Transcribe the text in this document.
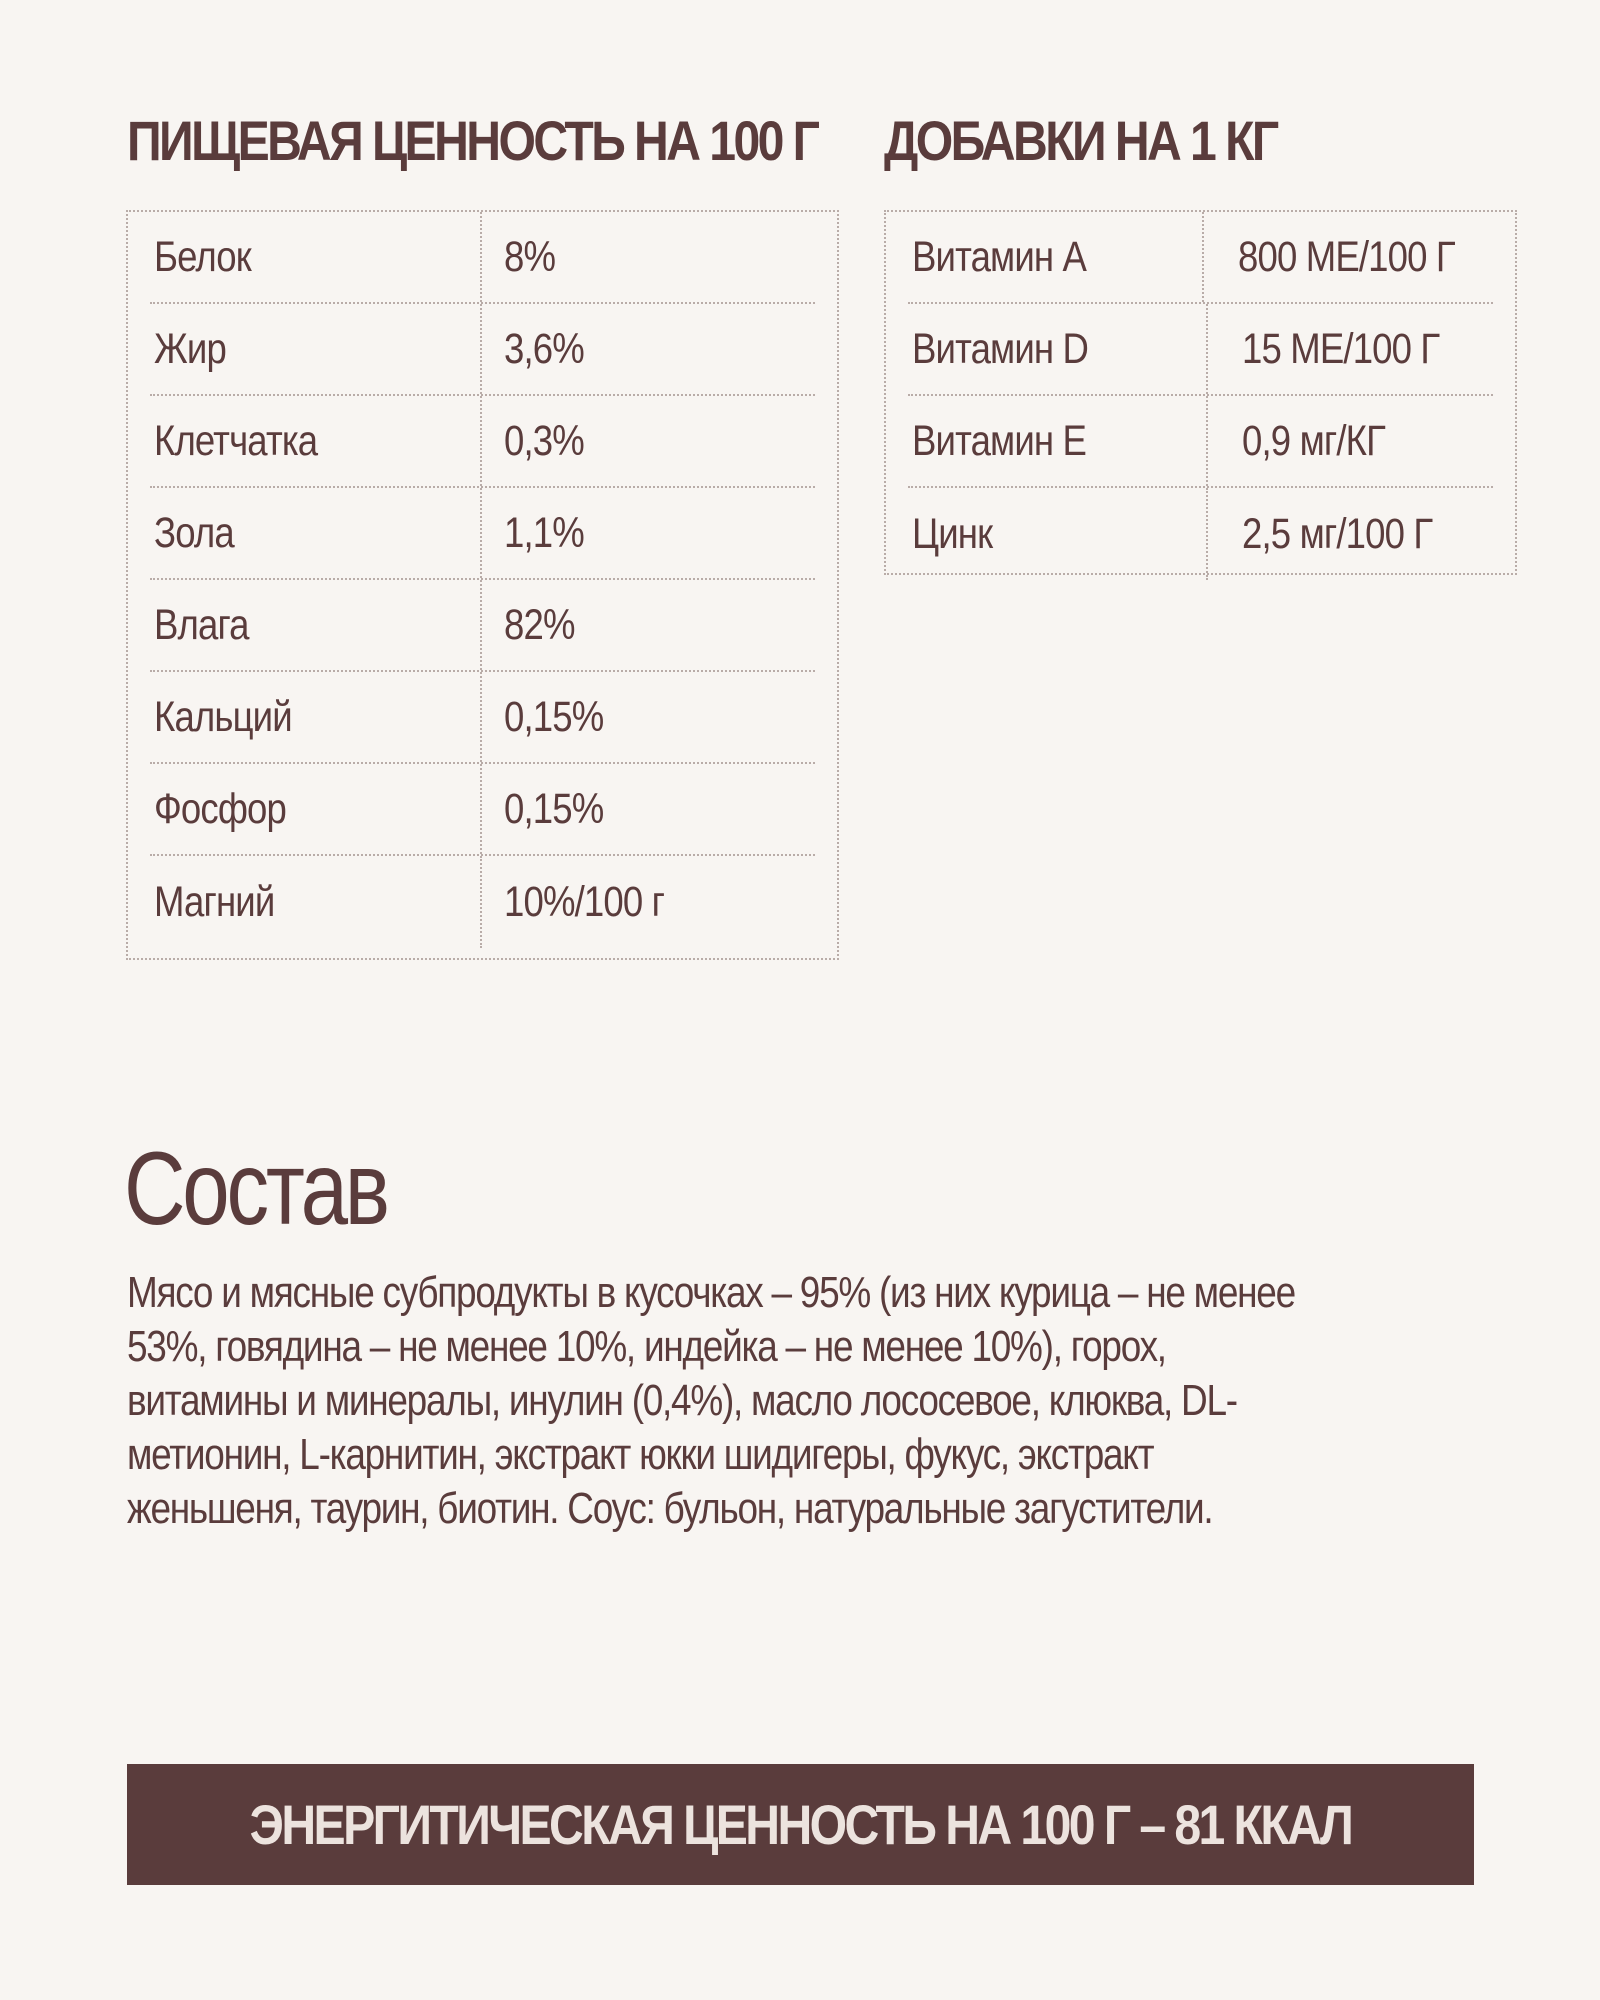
ПИЩЕВАЯ ЦЕННОСТЬ НА 100 Г ДОБАВКИ НА 1 КГ
Белок	8%
Жир	3,6%
Клетчатка	0,3%
Зола	1,1%
Влага	82%
Кальций	0,15%
Фосфор	0,15%
Магний	10%/100 г
Витамин А	800 МЕ/100 Г
Витамин D	15 МЕ/100 Г
Витамин Е	0,9 мг/КГ
Цинк	2,5 мг/100 Г
Состав

Мясо и мясные субпродукты в кусочках – 95% (из них курица – не менее 53%, говядина – не менее 10%, индейка – не менее 10%), горох, витамины и минералы, инулин (0,4%), масло лососевое, клюква, DL-метионин, L-карнитин, экстракт юкки шидигеры, фукус, экстракт женьшеня, таурин, биотин. Соус: бульон, натуральные загустители.

ЭНЕРГИТИЧЕСКАЯ ЦЕННОСТЬ НА 100 Г – 81 ККАЛ
